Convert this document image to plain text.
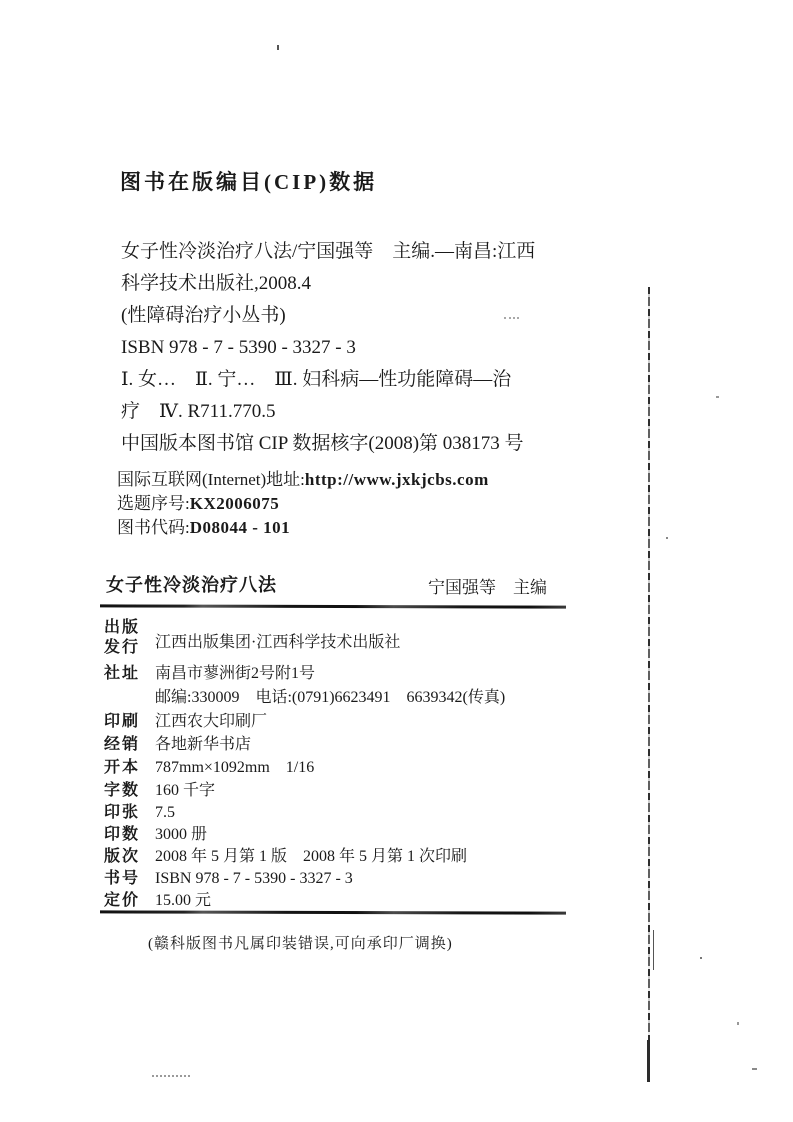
图书在版编目(CIP)数据
女子性冷淡治疗八法/宁国强等　主编.—南昌:江西
科学技术出版社,2008.4
(性障碍治疗小丛书)
ISBN 978 - 7 - 5390 - 3327 - 3
Ⅰ. 女…　Ⅱ. 宁…　Ⅲ. 妇科病—性功能障碍—治
疗　Ⅳ. R711.770.5
中国版本图书馆 CIP 数据核字(2008)第 038173 号
国际互联网(Internet)地址:http://www.jxkjcbs.com
选题序号:KX2006075
图书代码:D08044 - 101
女子性冷淡治疗八法	宁国强等　主编
出版
发行 江西出版集团·江西科学技术出版社
社址 南昌市蓼洲街2号附1号
邮编:330009　电话:(0791)6623491　6639342(传真)
印刷 江西农大印刷厂
经销 各地新华书店
开本 787mm×1092mm　1/16
字数 160 千字
印张 7.5
印数 3000 册
版次 2008 年 5 月第 1 版　2008 年 5 月第 1 次印刷
书号 ISBN 978 - 7 - 5390 - 3327 - 3
定价 15.00 元
(赣科版图书凡属印装错误,可向承印厂调换)
